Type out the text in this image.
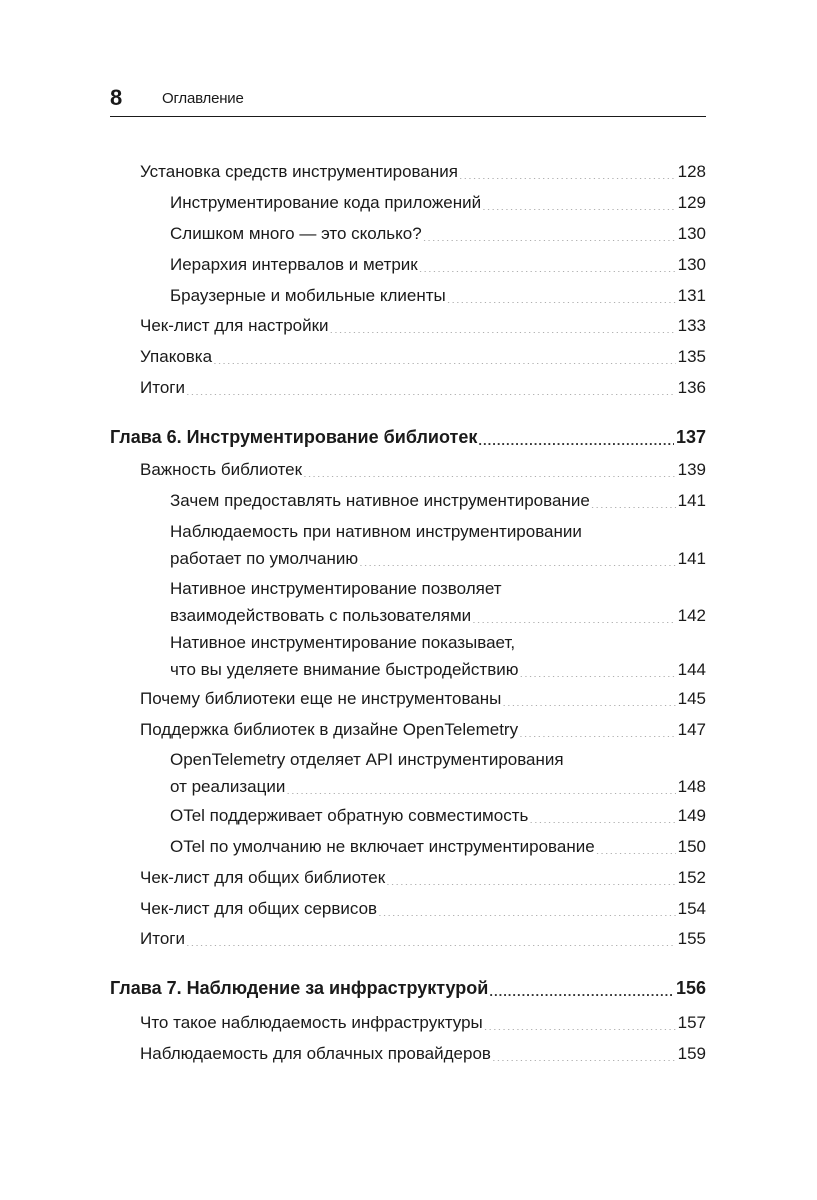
8	Оглавление
Установка средств инструментирования .....	128
Инструментирование кода приложений .....	129
Слишком много — это сколько? .....	130
Иерархия интервалов и метрик .....	130
Браузерные и мобильные клиенты .....	131
Чек-лист для настройки .....	133
Упаковка .....	135
Итоги .....	136
Глава 6. Инструментирование библиотек .....	137
Важность библиотек .....	139
Зачем предоставлять нативное инструментирование .....	141
Наблюдаемость при нативном инструментировании
работает по умолчанию .....	141
Нативное инструментирование позволяет
взаимодействовать с пользователями .....	142
Нативное инструментирование показывает,
что вы уделяете внимание быстродействию .....	144
Почему библиотеки еще не инструментованы .....	145
Поддержка библиотек в дизайне OpenTelemetry .....	147
OpenTelemetry отделяет API инструментирования
от реализации .....	148
OTel поддерживает обратную совместимость .....	149
OTel по умолчанию не включает инструментирование .....	150
Чек-лист для общих библиотек .....	152
Чек-лист для общих сервисов .....	154
Итоги .....	155
Глава 7. Наблюдение за инфраструктурой .....	156
Что такое наблюдаемость инфраструктуры .....	157
Наблюдаемость для облачных провайдеров .....	159
